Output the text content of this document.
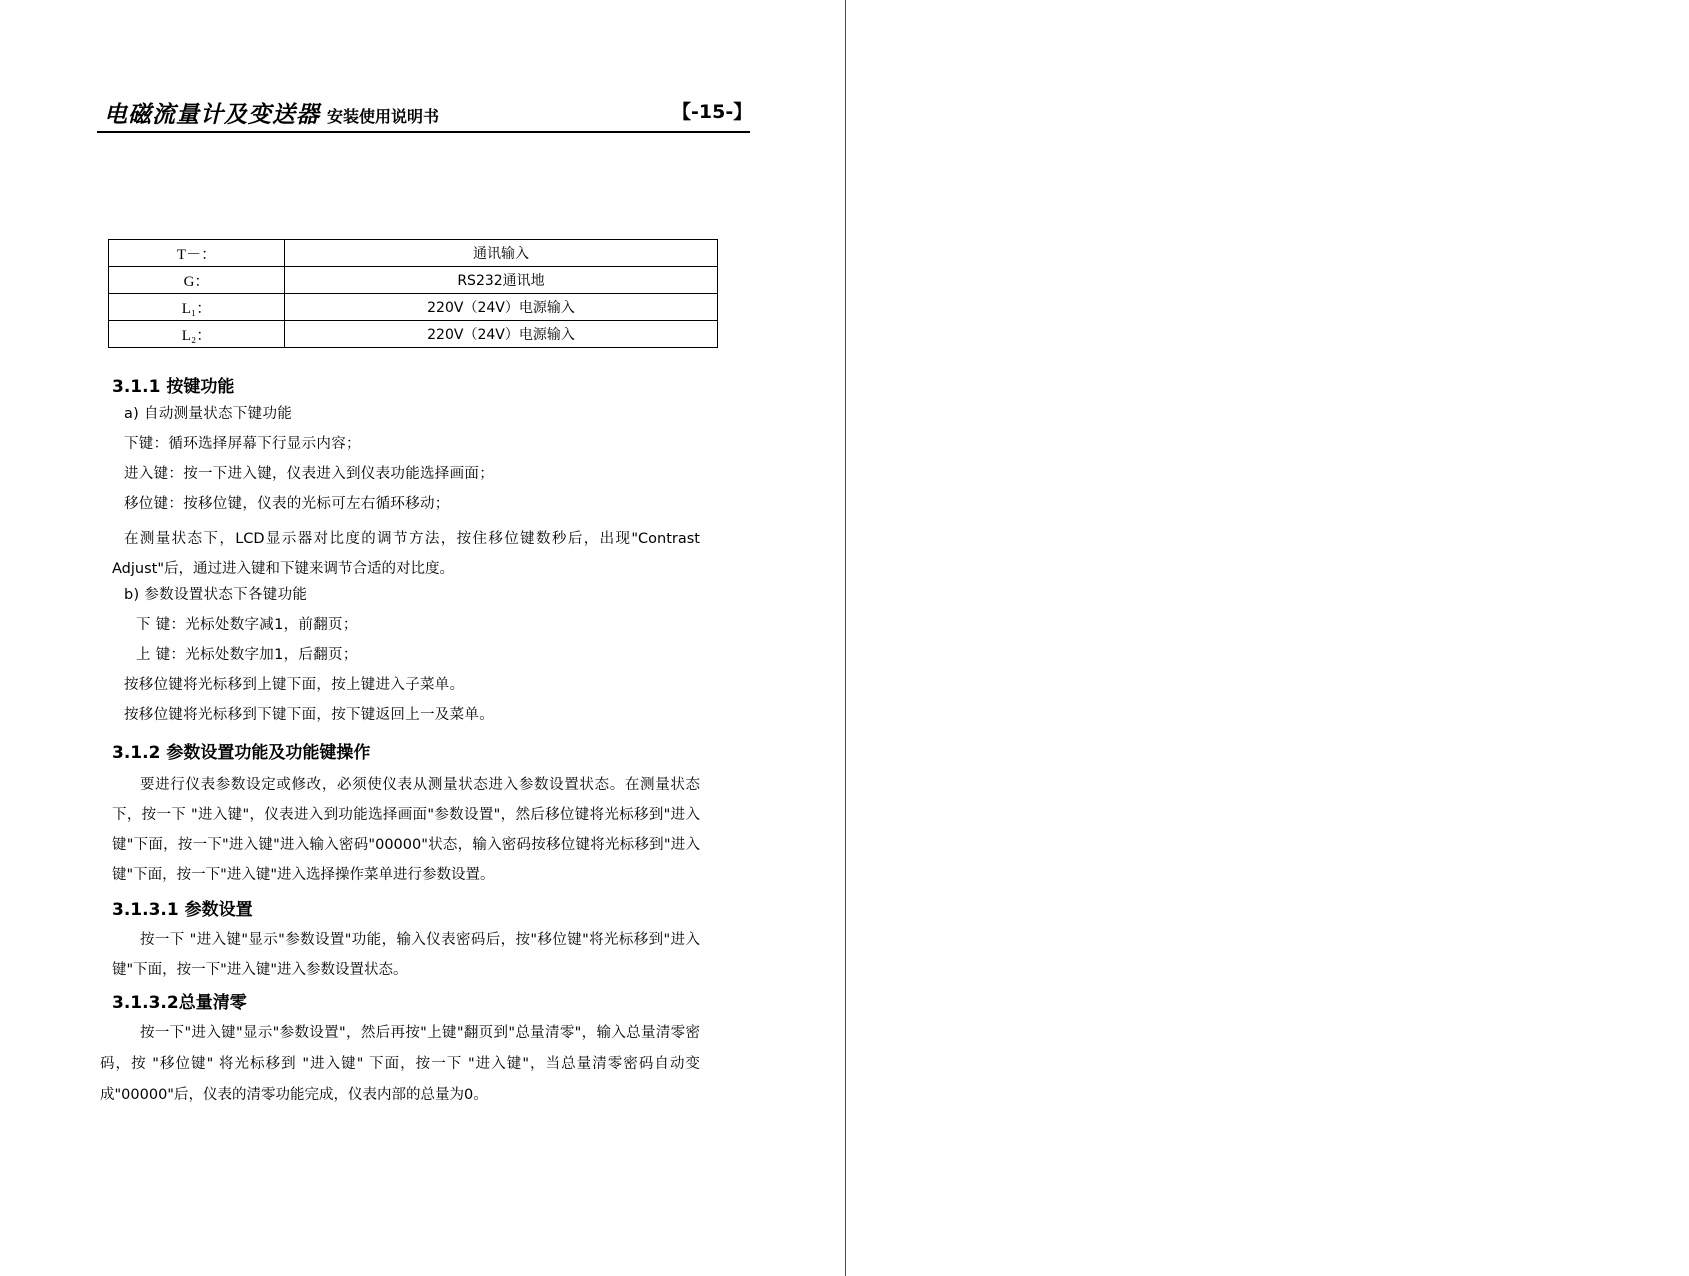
电磁流量计及变送器 安装使用说明书	【-15-】
T－：	通讯输入
G：	RS232通讯地
L₁：	220V（24V）电源输入
L₂：	220V（24V）电源输入
3.1.1 按键功能
a) 自动测量状态下键功能
下键：循环选择屏幕下行显示内容；
进入键：按一下进入键，仪表进入到仪表功能选择画面；
移位键：按移位键，仪表的光标可左右循环移动；
在测量状态下，LCD显示器对比度的调节方法，按住移位键数秒后，出现"Contrast Adjust"后，通过进入键和下键来调节合适的对比度。
b) 参数设置状态下各键功能
下 键：光标处数字减1，前翻页；
上 键：光标处数字加1，后翻页；
按移位键将光标移到上键下面，按上键进入子菜单。
按移位键将光标移到下键下面，按下键返回上一及菜单。
3.1.2 参数设置功能及功能键操作
要进行仪表参数设定或修改，必须使仪表从测量状态进入参数设置状态。在测量状态下，按一下 "进入键"，仪表进入到功能选择画面"参数设置"，然后移位键将光标移到"进入键"下面，按一下"进入键"进入输入密码"00000"状态，输入密码按移位键将光标移到"进入键"下面，按一下"进入键"进入选择操作菜单进行参数设置。
3.1.3.1 参数设置
按一下 "进入键"显示"参数设置"功能，输入仪表密码后，按"移位键"将光标移到"进入键"下面，按一下"进入键"进入参数设置状态。
3.1.3.2总量清零
按一下"进入键"显示"参数设置"，然后再按"上键"翻页到"总量清零"，输入总量清零密码，按 "移位键" 将光标移到 "进入键" 下面，按一下 "进入键"，当总量清零密码自动变成"00000"后，仪表的清零功能完成，仪表内部的总量为0。
